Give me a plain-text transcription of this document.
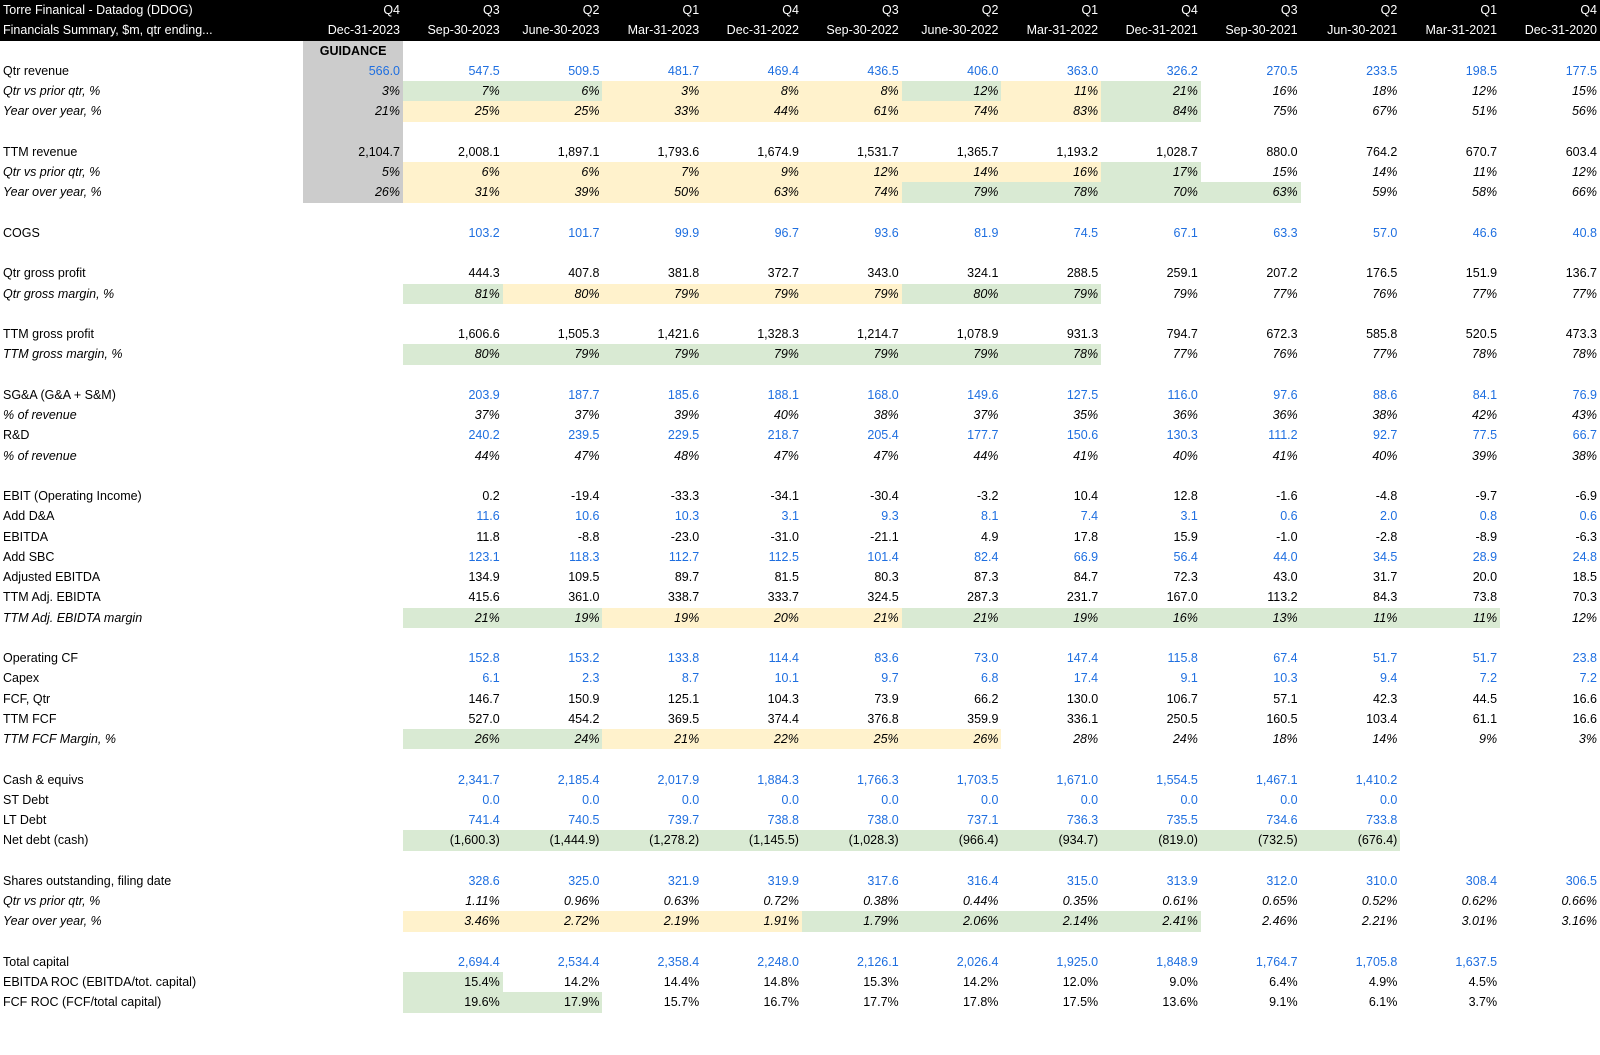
Torre Finanical - Datadog (DDOG)	Q4	Q3	Q2	Q1	Q4	Q3	Q2	Q1	Q4	Q3	Q2	Q1	Q4
Financials Summary, $m, qtr ending...	Dec-31-2023	Sep-30-2023	June-30-2023	Mar-31-2023	Dec-31-2022	Sep-30-2022	June-30-2022	Mar-31-2022	Dec-31-2021	Sep-30-2021	Jun-30-2021	Mar-31-2021	Dec-31-2020
	GUIDANCE												
Qtr revenue	566.0	547.5	509.5	481.7	469.4	436.5	406.0	363.0	326.2	270.5	233.5	198.5	177.5
Qtr vs prior qtr, %	3%	7%	6%	3%	8%	8%	12%	11%	21%	16%	18%	12%	15%
Year over year, %	21%	25%	25%	33%	44%	61%	74%	83%	84%	75%	67%	51%	56%

TTM revenue	2,104.7	2,008.1	1,897.1	1,793.6	1,674.9	1,531.7	1,365.7	1,193.2	1,028.7	880.0	764.2	670.7	603.4
Qtr vs prior qtr, %	5%	6%	6%	7%	9%	12%	14%	16%	17%	15%	14%	11%	12%
Year over year, %	26%	31%	39%	50%	63%	74%	79%	78%	70%	63%	59%	58%	66%

COGS		103.2	101.7	99.9	96.7	93.6	81.9	74.5	67.1	63.3	57.0	46.6	40.8

Qtr gross profit		444.3	407.8	381.8	372.7	343.0	324.1	288.5	259.1	207.2	176.5	151.9	136.7
Qtr gross margin, %		81%	80%	79%	79%	79%	80%	79%	79%	77%	76%	77%	77%

TTM gross profit		1,606.6	1,505.3	1,421.6	1,328.3	1,214.7	1,078.9	931.3	794.7	672.3	585.8	520.5	473.3
TTM gross margin, %		80%	79%	79%	79%	79%	79%	78%	77%	76%	77%	78%	78%

SG&A (G&A + S&M)		203.9	187.7	185.6	188.1	168.0	149.6	127.5	116.0	97.6	88.6	84.1	76.9
% of revenue		37%	37%	39%	40%	38%	37%	35%	36%	36%	38%	42%	43%
R&D		240.2	239.5	229.5	218.7	205.4	177.7	150.6	130.3	111.2	92.7	77.5	66.7
% of revenue		44%	47%	48%	47%	47%	44%	41%	40%	41%	40%	39%	38%

EBIT (Operating Income)		0.2	-19.4	-33.3	-34.1	-30.4	-3.2	10.4	12.8	-1.6	-4.8	-9.7	-6.9
Add D&A		11.6	10.6	10.3	3.1	9.3	8.1	7.4	3.1	0.6	2.0	0.8	0.6
EBITDA		11.8	-8.8	-23.0	-31.0	-21.1	4.9	17.8	15.9	-1.0	-2.8	-8.9	-6.3
Add SBC		123.1	118.3	112.7	112.5	101.4	82.4	66.9	56.4	44.0	34.5	28.9	24.8
Adjusted EBITDA		134.9	109.5	89.7	81.5	80.3	87.3	84.7	72.3	43.0	31.7	20.0	18.5
TTM Adj. EBIDTA		415.6	361.0	338.7	333.7	324.5	287.3	231.7	167.0	113.2	84.3	73.8	70.3
TTM Adj. EBIDTA margin		21%	19%	19%	20%	21%	21%	19%	16%	13%	11%	11%	12%

Operating CF		152.8	153.2	133.8	114.4	83.6	73.0	147.4	115.8	67.4	51.7	51.7	23.8
Capex		6.1	2.3	8.7	10.1	9.7	6.8	17.4	9.1	10.3	9.4	7.2	7.2
FCF, Qtr		146.7	150.9	125.1	104.3	73.9	66.2	130.0	106.7	57.1	42.3	44.5	16.6
TTM FCF		527.0	454.2	369.5	374.4	376.8	359.9	336.1	250.5	160.5	103.4	61.1	16.6
TTM FCF Margin, %		26%	24%	21%	22%	25%	26%	28%	24%	18%	14%	9%	3%

Cash & equivs		2,341.7	2,185.4	2,017.9	1,884.3	1,766.3	1,703.5	1,671.0	1,554.5	1,467.1	1,410.2		
ST Debt		0.0	0.0	0.0	0.0	0.0	0.0	0.0	0.0	0.0	0.0		
LT Debt		741.4	740.5	739.7	738.8	738.0	737.1	736.3	735.5	734.6	733.8		
Net debt (cash)		(1,600.3)	(1,444.9)	(1,278.2)	(1,145.5)	(1,028.3)	(966.4)	(934.7)	(819.0)	(732.5)	(676.4)		

Shares outstanding, filing date		328.6	325.0	321.9	319.9	317.6	316.4	315.0	313.9	312.0	310.0	308.4	306.5
Qtr vs prior qtr, %		1.11%	0.96%	0.63%	0.72%	0.38%	0.44%	0.35%	0.61%	0.65%	0.52%	0.62%	0.66%
Year over year, %		3.46%	2.72%	2.19%	1.91%	1.79%	2.06%	2.14%	2.41%	2.46%	2.21%	3.01%	3.16%

Total capital		2,694.4	2,534.4	2,358.4	2,248.0	2,126.1	2,026.4	1,925.0	1,848.9	1,764.7	1,705.8	1,637.5	
EBITDA ROC (EBITDA/tot. capital)		15.4%	14.2%	14.4%	14.8%	15.3%	14.2%	12.0%	9.0%	6.4%	4.9%	4.5%	
FCF ROC (FCF/total capital)		19.6%	17.9%	15.7%	16.7%	17.7%	17.8%	17.5%	13.6%	9.1%	6.1%	3.7%	
